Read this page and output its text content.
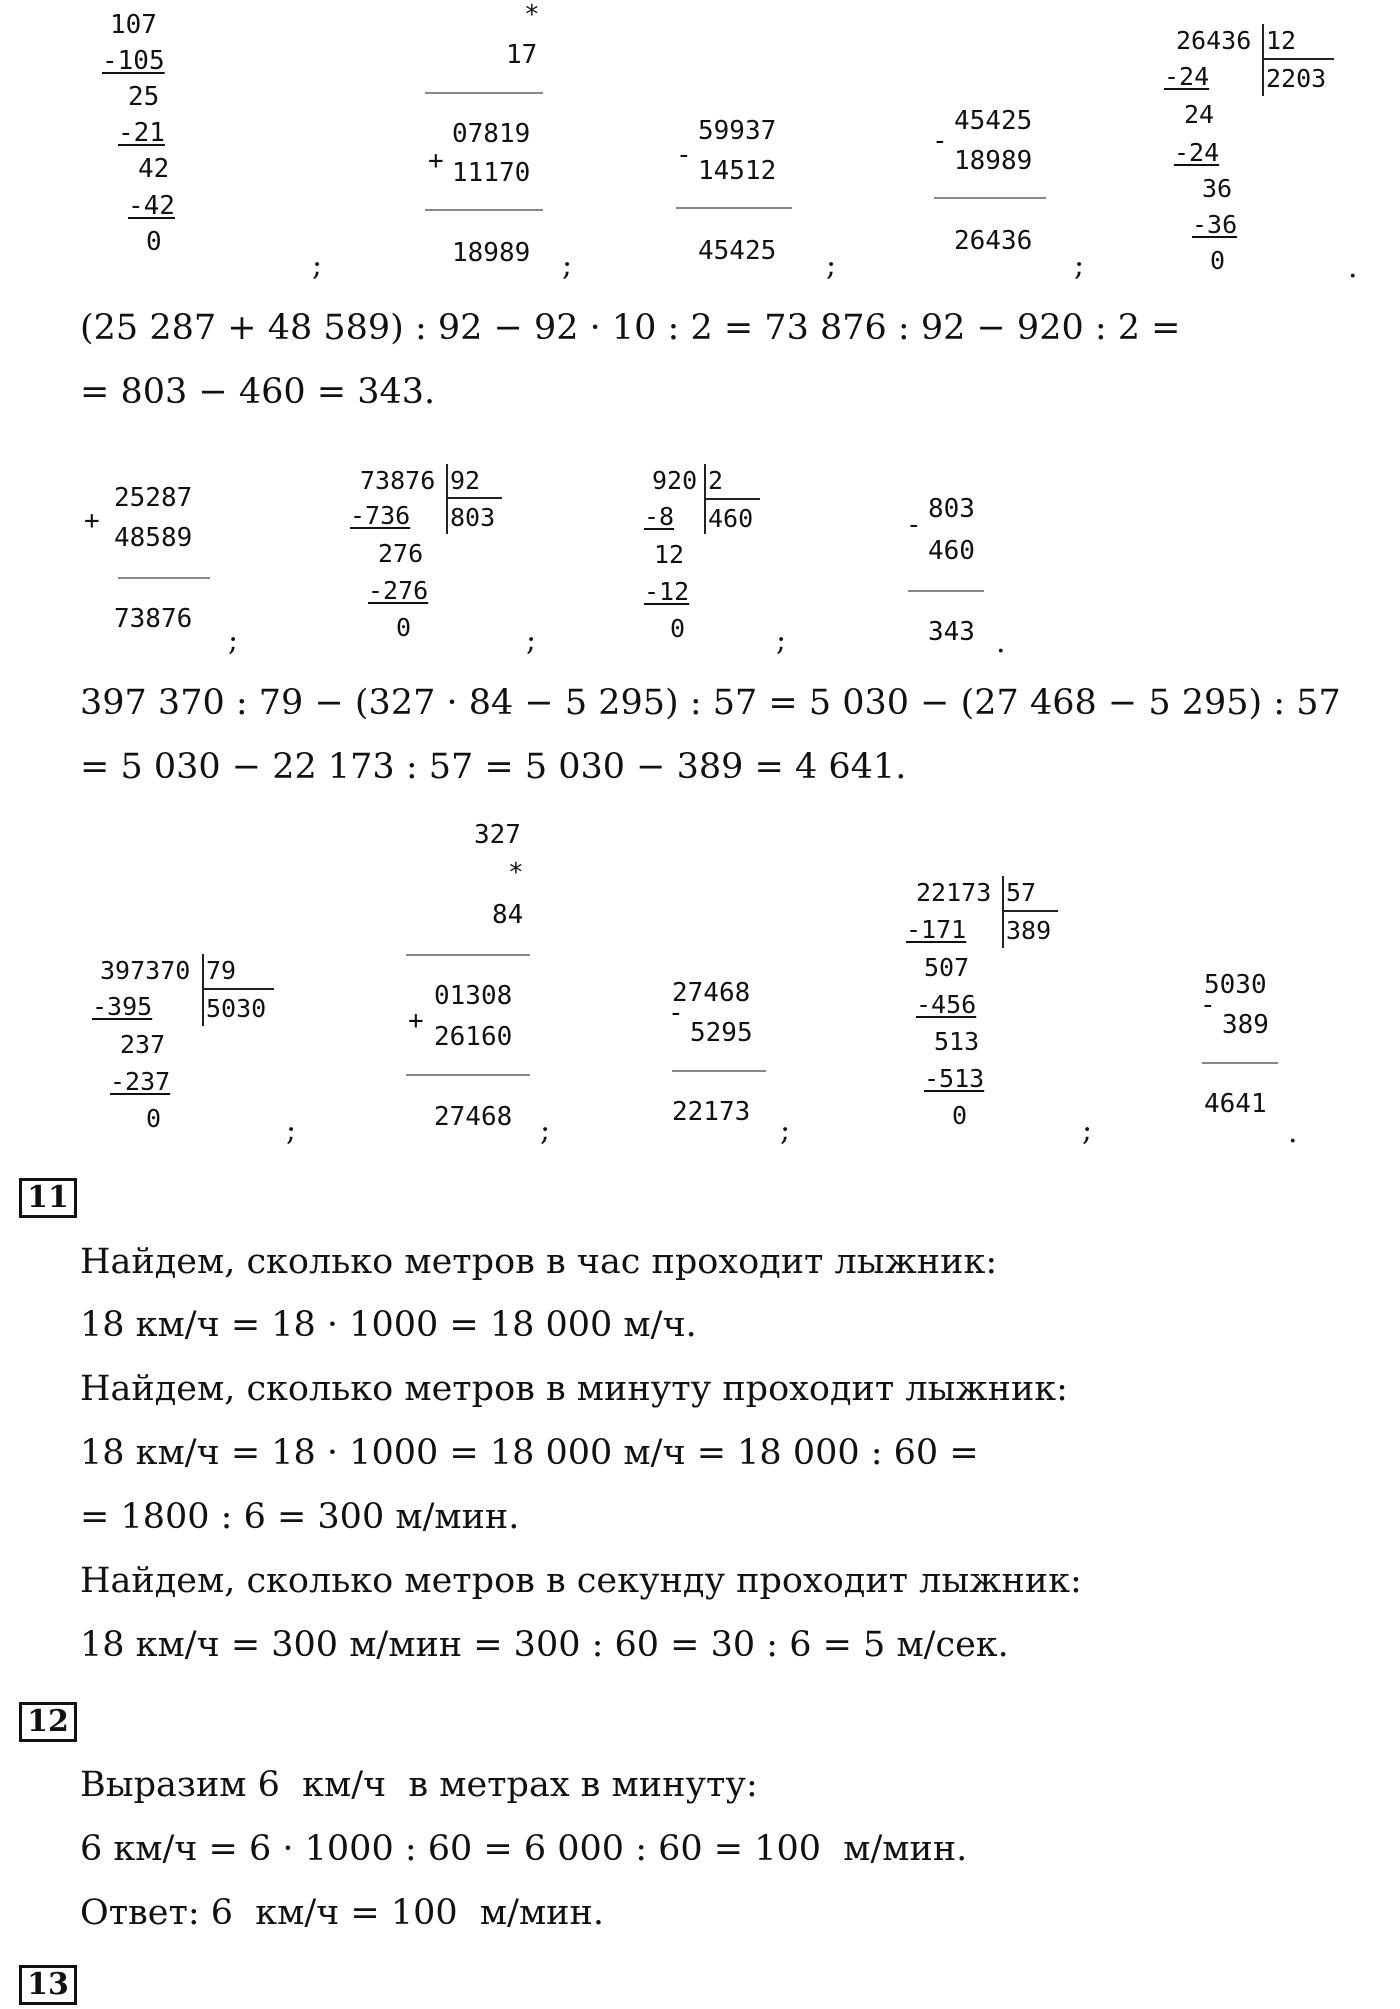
107
-105
25
-21
42
-42
0
;
*
17
+
07819
11170
18989 ;
-
59937
14512
45425 ;
-
45425
18989
26436
;
26436 12
2203
-24
24
-24
36
-36
0	.
(25 287 + 48 589) : 92 − 92 · 10 : 2 = 73 876 : 92 − 920 : 2 =
= 803 − 460 = 343.
+
25287
48589
73876
;
73876 92
803
-736
276
-276
0	;
920 2
460
-8
12
-12
0	;
-
803
460
343 .
397 370 : 79 − (327 · 84 − 5 295) : 57 = 5 030 − (27 468 − 5 295) : 57
= 5 030 − 22 173 : 57 = 5 030 − 389 = 4 641.
397370 79
5030
-395
237
-237
0	;
327
*
84
+
01308
26160
27468 ;
-
27468
5295
22173
;
22173 57
389
-171
507
-456
513
-513
0	;
-
5030
389
4641
.
11
Найдем, сколько метров в час проходит лыжник:
18 км/ч = 18 · 1000 = 18 000 м/ч.
Найдем, сколько метров в минуту проходит лыжник:
18 км/ч = 18 · 1000 = 18 000 м/ч = 18 000 : 60 =
= 1800 : 6 = 300 м/мин.
Найдем, сколько метров в секунду проходит лыжник:
18 км/ч = 300 м/мин = 300 : 60 = 30 : 6 = 5 м/сек.
12
Выразим 6  км/ч  в метрах в минуту:
6 км/ч = 6 · 1000 : 60 = 6 000 : 60 = 100  м/мин.
Ответ: 6  км/ч = 100  м/мин.
13
